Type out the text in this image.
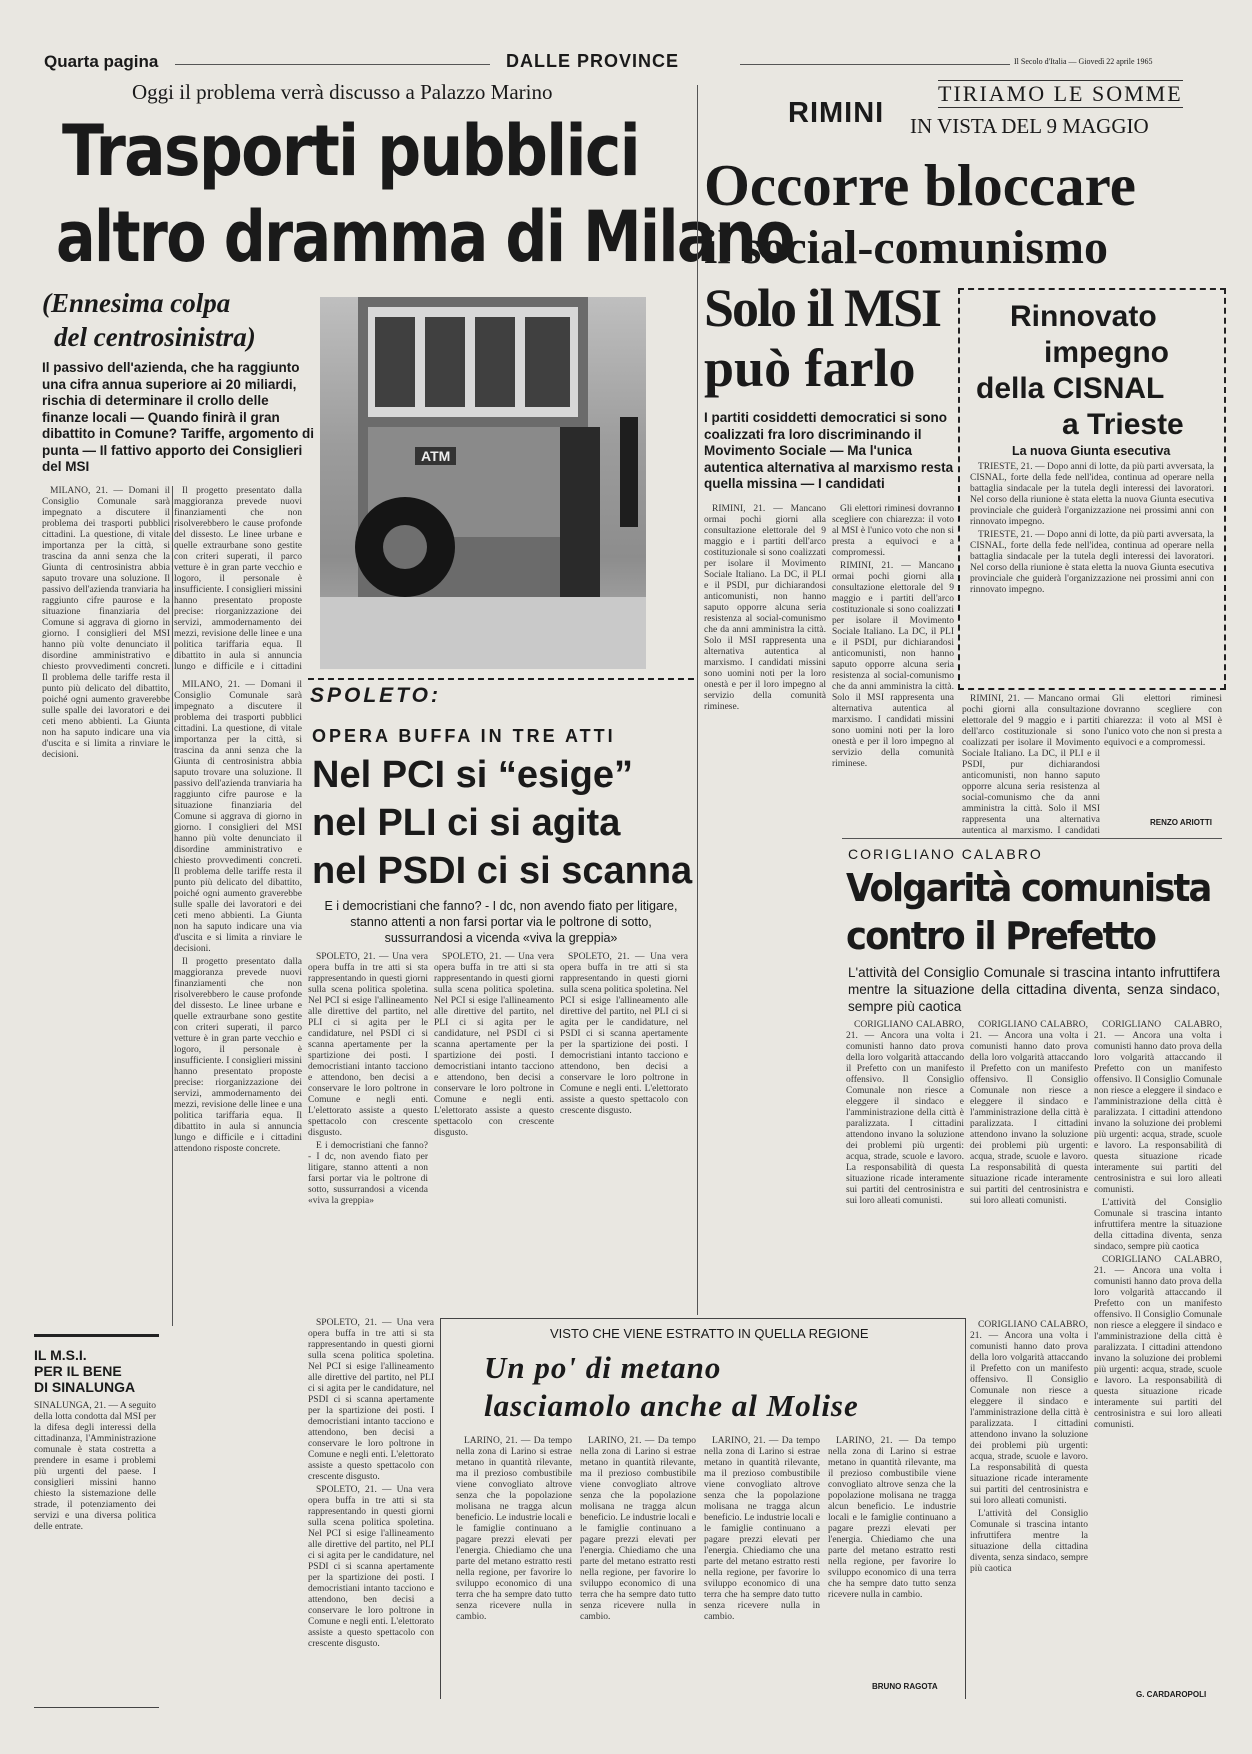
Quarta pagina	DALLE PROVINCE	Il Secolo d'Italia — Giovedì 22 aprile 1965
Oggi il problema verrà discusso a Palazzo Marino
Trasporti pubblici
altro dramma di Milano
(Ennesima colpa
del centrosinistra)
Il passivo dell'azienda, che ha raggiunto una cifra annua superiore ai 20 miliardi, rischia di determinare il crollo delle finanze locali — Quando finirà il gran dibattito in Comune? Tariffe, argomento di punta — Il fattivo apporto dei Consiglieri del MSI
ATM

MILANO, 21. — Domani il Consiglio Comunale sarà impegnato a discutere il problema dei trasporti pubblici cittadini. La questione, di vitale importanza per la città, si trascina da anni senza che la Giunta di centrosinistra abbia saputo trovare una soluzione. Il passivo dell'azienda tranviaria ha raggiunto cifre paurose e la situazione finanziaria del Comune si aggrava di giorno in giorno. I consiglieri del MSI hanno più volte denunciato il disordine amministrativo e chiesto provvedimenti concreti. Il problema delle tariffe resta il punto più delicato del dibattito, poiché ogni aumento graverebbe sulle spalle dei lavoratori e dei ceti meno abbienti. La Giunta non ha saputo indicare una via d'uscita e si limita a rinviare le decisioni.

Il progetto presentato dalla maggioranza prevede nuovi finanziamenti che non risolverebbero le cause profonde del dissesto. Le linee urbane e quelle extraurbane sono gestite con criteri superati, il parco vetture è in gran parte vecchio e logoro, il personale è insufficiente. I consiglieri missini hanno presentato proposte precise: riorganizzazione dei servizi, ammodernamento dei mezzi, revisione delle linee e una politica tariffaria equa. Il dibattito in aula si annuncia lungo e difficile e i cittadini

IL M.S.I.
PER IL BENE
DI SINALUNGA
SINALUNGA, 21. — A seguito della lotta condotta dal MSI per la difesa degli interessi della cittadinanza, l'Amministrazione comunale è stata costretta a prendere in esame i problemi più urgenti del paese. I consiglieri missini hanno chiesto la sistemazione delle strade, il potenziamento dei servizi e una diversa politica delle entrate.

MILANO, 21. — Domani il Consiglio Comunale sarà impegnato a discutere il problema dei trasporti pubblici cittadini. La questione, di vitale importanza per la città, si trascina da anni senza che la Giunta di centrosinistra abbia saputo trovare una soluzione. Il passivo dell'azienda tranviaria ha raggiunto cifre paurose e la situazione finanziaria del Comune si aggrava di giorno in giorno. I consiglieri del MSI hanno più volte denunciato il disordine amministrativo e chiesto provvedimenti concreti. Il problema delle tariffe resta il punto più delicato del dibattito, poiché ogni aumento graverebbe sulle spalle dei lavoratori e dei ceti meno abbienti. La Giunta non ha saputo indicare una via d'uscita e si limita a rinviare le decisioni.

Il progetto presentato dalla maggioranza prevede nuovi finanziamenti che non risolverebbero le cause profonde del dissesto. Le linee urbane e quelle extraurbane sono gestite con criteri superati, il parco vetture è in gran parte vecchio e logoro, il personale è insufficiente. I consiglieri missini hanno presentato proposte precise: riorganizzazione dei servizi, ammodernamento dei mezzi, revisione delle linee e una politica tariffaria equa. Il dibattito in aula si annuncia lungo e difficile e i cittadini attendono risposte concrete.

SPOLETO:
OPERA BUFFA IN TRE ATTI
Nel PCI si “esige”
nel PLI ci si agita
nel PSDI ci si scanna
E i democristiani che fanno? - I dc, non avendo fiato per litigare, stanno attenti a non farsi portar via le poltrone di sotto, sussurrandosi a vicenda «viva la greppia»

SPOLETO, 21. — Una vera opera buffa in tre atti si sta rappresentando in questi giorni sulla scena politica spoletina. Nel PCI si esige l'allineamento alle direttive del partito, nel PLI ci si agita per le candidature, nel PSDI ci si scanna apertamente per la spartizione dei posti. I democristiani intanto tacciono e attendono, ben decisi a conservare le loro poltrone in Comune e negli enti. L'elettorato assiste a questo spettacolo con crescente disgusto.

E i democristiani che fanno? - I dc, non avendo fiato per litigare, stanno attenti a non farsi portar via le poltrone di sotto, sussurrandosi a vicenda «viva la greppia»

SPOLETO, 21. — Una vera opera buffa in tre atti si sta rappresentando in questi giorni sulla scena politica spoletina. Nel PCI si esige l'allineamento alle direttive del partito, nel PLI ci si agita per le candidature, nel PSDI ci si scanna apertamente per la spartizione dei posti. I democristiani intanto tacciono e attendono, ben decisi a conservare le loro poltrone in Comune e negli enti. L'elettorato assiste a questo spettacolo con crescente disgusto.

SPOLETO, 21. — Una vera opera buffa in tre atti si sta rappresentando in questi giorni sulla scena politica spoletina. Nel PCI si esige l'allineamento alle direttive del partito, nel PLI ci si agita per le candidature, nel PSDI ci si scanna apertamente per la spartizione dei posti. I democristiani intanto tacciono e attendono, ben decisi a conservare le loro poltrone in Comune e negli enti. L'elettorato assiste a questo spettacolo con crescente disgusto.

RIMINI
TIRIAMO LE SOMME
IN VISTA DEL 9 MAGGIO
Occorre bloccare
il social-comunismo
Solo il MSI
può farlo
I partiti cosiddetti democratici si sono coalizzati fra loro discriminando il Movimento Sociale — Ma l'unica autentica alternativa al marxismo resta quella missina — I candidati

RIMINI, 21. — Mancano ormai pochi giorni alla consultazione elettorale del 9 maggio e i partiti dell'arco costituzionale si sono coalizzati per isolare il Movimento Sociale Italiano. La DC, il PLI e il PSDI, pur dichiarandosi anticomunisti, non hanno saputo opporre alcuna seria resistenza al social-comunismo che da anni amministra la città. Solo il MSI rappresenta una alternativa autentica al marxismo. I candidati missini sono uomini noti per la loro onestà e per il loro impegno al servizio della comunità riminese.

Gli elettori riminesi dovranno scegliere con chiarezza: il voto al MSI è l'unico voto che non si presta a equivoci e a compromessi.

RIMINI, 21. — Mancano ormai pochi giorni alla consultazione elettorale del 9 maggio e i partiti dell'arco costituzionale si sono coalizzati per isolare il Movimento Sociale Italiano. La DC, il PLI e il PSDI, pur dichiarandosi anticomunisti, non hanno saputo opporre alcuna seria resistenza al social-comunismo che da anni amministra la città. Solo il MSI rappresenta una alternativa autentica al marxismo. I candidati missini sono uomini noti per la loro onestà e per il loro impegno al servizio della comunità riminese.

RIMINI, 21. — Mancano ormai pochi giorni alla consultazione elettorale del 9 maggio e i partiti dell'arco costituzionale si sono coalizzati per isolare il Movimento Sociale Italiano. La DC, il PLI e il PSDI, pur dichiarandosi anticomunisti, non hanno saputo opporre alcuna seria resistenza al social-comunismo che da anni amministra la città. Solo il MSI rappresenta una alternativa autentica al marxismo. I candidati

Gli elettori riminesi dovranno scegliere con chiarezza: il voto al MSI è l'unico voto che non si presta a equivoci e a compromessi.

RENZO ARIOTTI
Rinnovato
impegno
della CISNAL
a Trieste
La nuova Giunta esecutiva

TRIESTE, 21. — Dopo anni di lotte, da più parti avversata, la CISNAL, forte della fede nell'idea, continua ad operare nella battaglia sindacale per la tutela degli interessi dei lavoratori. Nel corso della riunione è stata eletta la nuova Giunta esecutiva provinciale che guiderà l'organizzazione nei prossimi anni con rinnovato impegno.

TRIESTE, 21. — Dopo anni di lotte, da più parti avversata, la CISNAL, forte della fede nell'idea, continua ad operare nella battaglia sindacale per la tutela degli interessi dei lavoratori. Nel corso della riunione è stata eletta la nuova Giunta esecutiva provinciale che guiderà l'organizzazione nei prossimi anni con rinnovato impegno.

CORIGLIANO CALABRO
Volgarità comunista
contro il Prefetto
L'attività del Consiglio Comunale si trascina intanto infruttifera mentre la situazione della cittadina diventa, senza sindaco, sempre più caotica

CORIGLIANO CALABRO, 21. — Ancora una volta i comunisti hanno dato prova della loro volgarità attaccando il Prefetto con un manifesto offensivo. Il Consiglio Comunale non riesce a eleggere il sindaco e l'amministrazione della città è paralizzata. I cittadini attendono invano la soluzione dei problemi più urgenti: acqua, strade, scuole e lavoro. La responsabilità di questa situazione ricade interamente sui partiti del centrosinistra e sui loro alleati comunisti.

CORIGLIANO CALABRO, 21. — Ancora una volta i comunisti hanno dato prova della loro volgarità attaccando il Prefetto con un manifesto offensivo. Il Consiglio Comunale non riesce a eleggere il sindaco e l'amministrazione della città è paralizzata. I cittadini attendono invano la soluzione dei problemi più urgenti: acqua, strade, scuole e lavoro. La responsabilità di questa situazione ricade interamente sui partiti del centrosinistra e sui loro alleati comunisti.

CORIGLIANO CALABRO, 21. — Ancora una volta i comunisti hanno dato prova della loro volgarità attaccando il Prefetto con un manifesto offensivo. Il Consiglio Comunale non riesce a eleggere il sindaco e l'amministrazione della città è paralizzata. I cittadini attendono invano la soluzione dei problemi più urgenti: acqua, strade, scuole e lavoro. La responsabilità di questa situazione ricade interamente sui partiti del centrosinistra e sui loro alleati comunisti.

L'attività del Consiglio Comunale si trascina intanto infruttifera mentre la situazione della cittadina diventa, senza sindaco, sempre più caotica

CORIGLIANO CALABRO, 21. — Ancora una volta i comunisti hanno dato prova della loro volgarità attaccando il Prefetto con un manifesto offensivo. Il Consiglio Comunale non riesce a eleggere il sindaco e l'amministrazione della città è paralizzata. I cittadini attendono invano la soluzione dei problemi più urgenti: acqua, strade, scuole e lavoro. La responsabilità di questa situazione ricade interamente sui partiti del centrosinistra e sui loro alleati comunisti.

CORIGLIANO CALABRO, 21. — Ancora una volta i comunisti hanno dato prova della loro volgarità attaccando il Prefetto con un manifesto offensivo. Il Consiglio Comunale non riesce a eleggere il sindaco e l'amministrazione della città è paralizzata. I cittadini attendono invano la soluzione dei problemi più urgenti: acqua, strade, scuole e lavoro. La responsabilità di questa situazione ricade interamente sui partiti del centrosinistra e sui loro alleati comunisti.

L'attività del Consiglio Comunale si trascina intanto infruttifera mentre la situazione della cittadina diventa, senza sindaco, sempre più caotica

G. CARDAROPOLI
VISTO CHE VIENE ESTRATTO IN QUELLA REGIONE
Un po' di metano
lasciamolo anche al Molise

LARINO, 21. — Da tempo nella zona di Larino si estrae metano in quantità rilevante, ma il prezioso combustibile viene convogliato altrove senza che la popolazione molisana ne tragga alcun beneficio. Le industrie locali e le famiglie continuano a pagare prezzi elevati per l'energia. Chiediamo che una parte del metano estratto resti nella regione, per favorire lo sviluppo economico di una terra che ha sempre dato tutto senza ricevere nulla in cambio.

LARINO, 21. — Da tempo nella zona di Larino si estrae metano in quantità rilevante, ma il prezioso combustibile viene convogliato altrove senza che la popolazione molisana ne tragga alcun beneficio. Le industrie locali e le famiglie continuano a pagare prezzi elevati per l'energia. Chiediamo che una parte del metano estratto resti nella regione, per favorire lo sviluppo economico di una terra che ha sempre dato tutto senza ricevere nulla in cambio.

LARINO, 21. — Da tempo nella zona di Larino si estrae metano in quantità rilevante, ma il prezioso combustibile viene convogliato altrove senza che la popolazione molisana ne tragga alcun beneficio. Le industrie locali e le famiglie continuano a pagare prezzi elevati per l'energia. Chiediamo che una parte del metano estratto resti nella regione, per favorire lo sviluppo economico di una terra che ha sempre dato tutto senza ricevere nulla in cambio.

LARINO, 21. — Da tempo nella zona di Larino si estrae metano in quantità rilevante, ma il prezioso combustibile viene convogliato altrove senza che la popolazione molisana ne tragga alcun beneficio. Le industrie locali e le famiglie continuano a pagare prezzi elevati per l'energia. Chiediamo che una parte del metano estratto resti nella regione, per favorire lo sviluppo economico di una terra che ha sempre dato tutto senza ricevere nulla in cambio.

BRUNO RAGOTA

SPOLETO, 21. — Una vera opera buffa in tre atti si sta rappresentando in questi giorni sulla scena politica spoletina. Nel PCI si esige l'allineamento alle direttive del partito, nel PLI ci si agita per le candidature, nel PSDI ci si scanna apertamente per la spartizione dei posti. I democristiani intanto tacciono e attendono, ben decisi a conservare le loro poltrone in Comune e negli enti. L'elettorato assiste a questo spettacolo con crescente disgusto.

SPOLETO, 21. — Una vera opera buffa in tre atti si sta rappresentando in questi giorni sulla scena politica spoletina. Nel PCI si esige l'allineamento alle direttive del partito, nel PLI ci si agita per le candidature, nel PSDI ci si scanna apertamente per la spartizione dei posti. I democristiani intanto tacciono e attendono, ben decisi a conservare le loro poltrone in Comune e negli enti. L'elettorato assiste a questo spettacolo con crescente disgusto.
